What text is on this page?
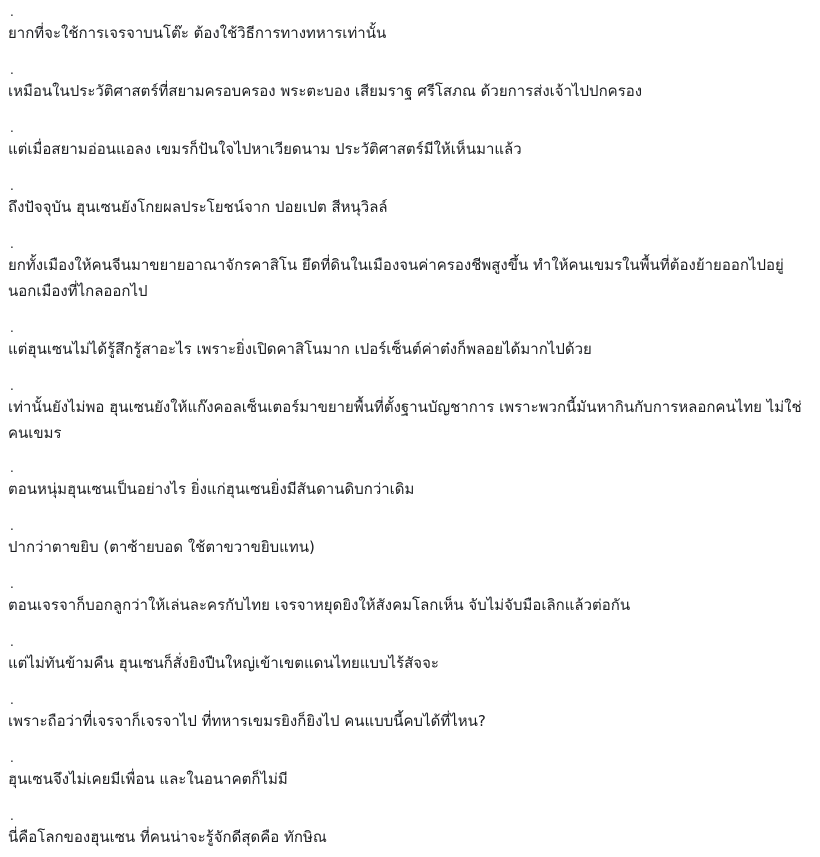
.
ยากที่จะใช้การเจรจาบนโต๊ะ ต้องใช้วิธีการทางทหารเท่านั้น
.
เหมือนในประวัติศาสตร์ที่สยามครอบครอง พระตะบอง เสียมราฐ ศรีโสภณ ด้วยการส่งเจ้าไปปกครอง
.
แต่เมื่อสยามอ่อนแอลง เขมรก็ปันใจไปหาเวียดนาม ประวัติศาสตร์มีให้เห็นมาแล้ว
.
ถึงปัจจุบัน ฮุนเซนยังโกยผลประโยชน์จาก ปอยเปต สีหนุวิลล์
.
ยกทั้งเมืองให้คนจีนมาขยายอาณาจักรคาสิโน ยึดที่ดินในเมืองจนค่าครองชีพสูงขึ้น ทำให้คนเขมรในพื้นที่ต้องย้ายออกไปอยู่นอกเมืองที่ไกลออกไป
.
แต่ฮุนเซนไม่ได้รู้สึกรู้สาอะไร เพราะยิ่งเปิดคาสิโนมาก เปอร์เซ็นต์ค่าต๋งก็พลอยได้มากไปด้วย
.
เท่านั้นยังไม่พอ ฮุนเซนยังให้แก๊งคอลเซ็นเตอร์มาขยายพื้นที่ตั้งฐานบัญชาการ เพราะพวกนี้มันหากินกับการหลอกคนไทย ไม่ใช่คนเขมร
.
ตอนหนุ่มฮุนเซนเป็นอย่างไร ยิ่งแก่ฮุนเซนยิ่งมีสันดานดิบกว่าเดิม
.
ปากว่าตาขยิบ (ตาซ้ายบอด ใช้ตาขวาขยิบแทน)
.
ตอนเจรจาก็บอกลูกว่าให้เล่นละครกับไทย เจรจาหยุดยิงให้สังคมโลกเห็น จับไม่จับมือเลิกแล้วต่อกัน
.
แต่ไม่ทันข้ามคืน ฮุนเซนก็สั่งยิงปืนใหญ่เข้าเขตแดนไทยแบบไร้สัจจะ
.
เพราะถือว่าที่เจรจาก็เจรจาไป ที่ทหารเขมรยิงก็ยิงไป คนแบบนี้คบได้ที่ไหน?
.
ฮุนเซนจึงไม่เคยมีเพื่อน และในอนาคตก็ไม่มี
.
นี่คือโลกของฮุนเซน ที่คนน่าจะรู้จักดีสุดคือ ทักษิณ
